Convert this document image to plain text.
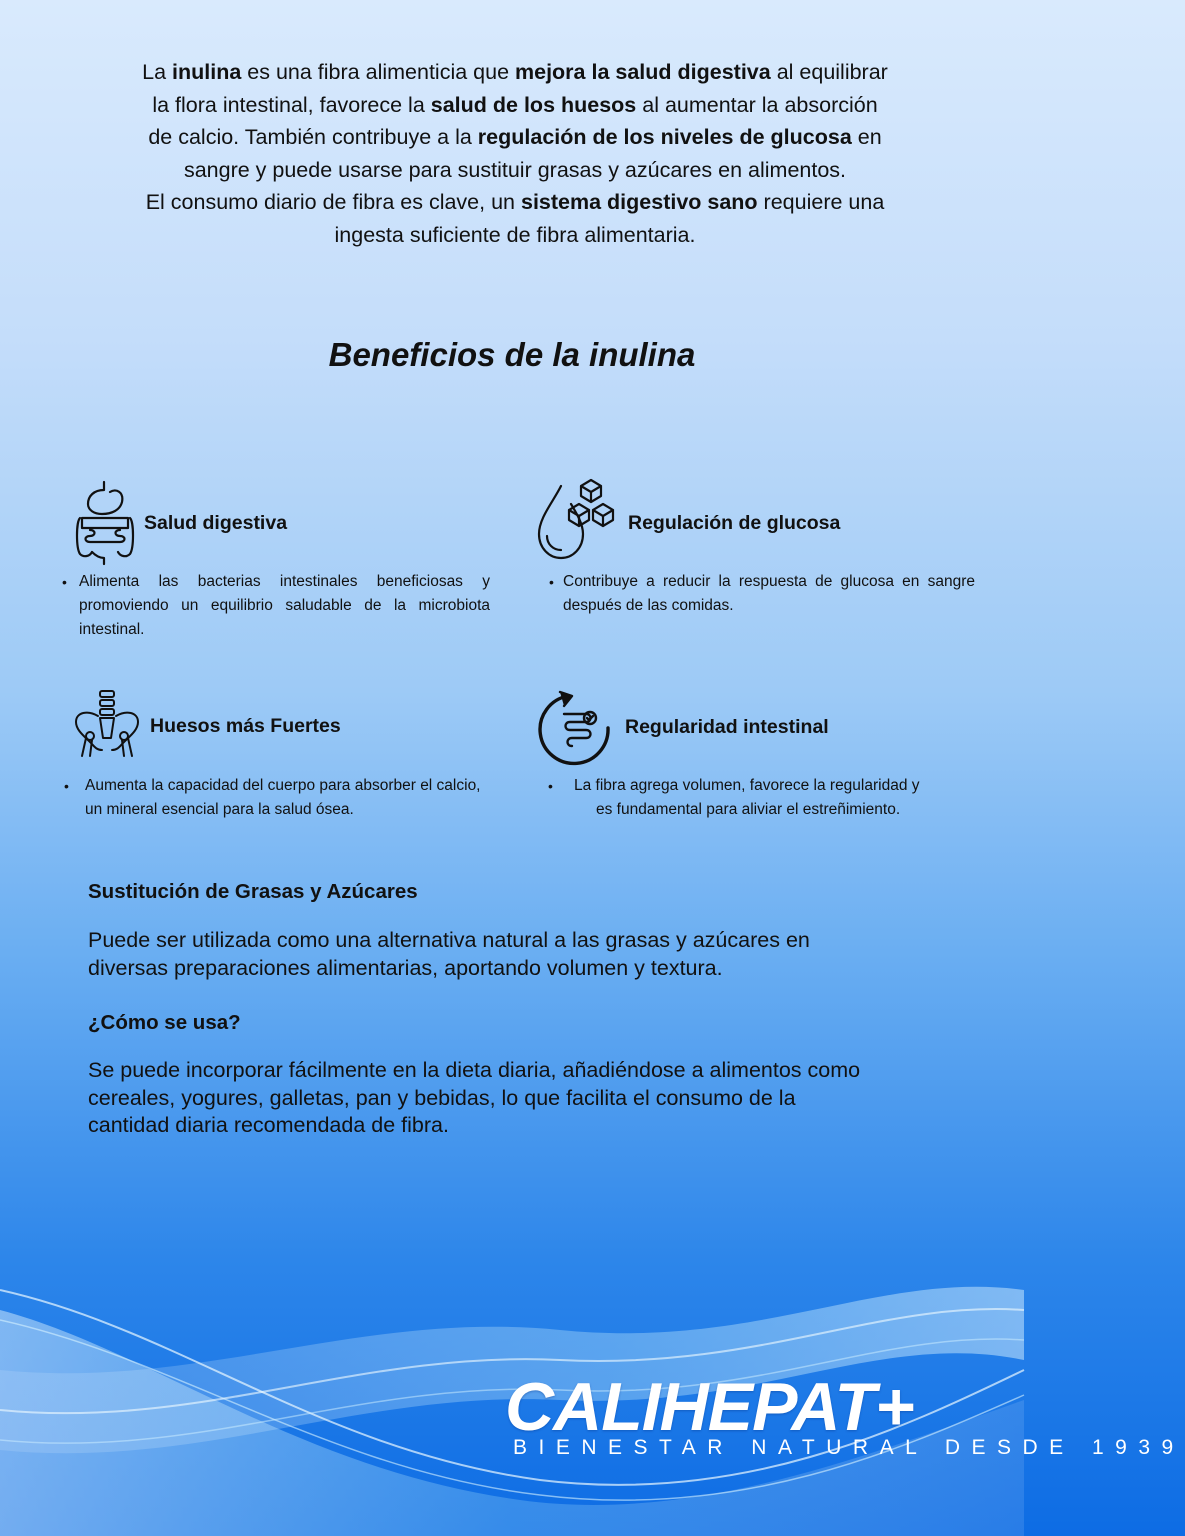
La inulina es una fibra alimenticia que mejora la salud digestiva al equilibrar

la flora intestinal, favorece la salud de los huesos al aumentar la absorción

de calcio. También contribuye a la regulación de los niveles de glucosa en

sangre y puede usarse para sustituir grasas y azúcares en alimentos.

El consumo diario de fibra es clave, un sistema digestivo sano requiere una

ingesta suficiente de fibra alimentaria.

Beneficios de la inulina
Salud digestiva
• Alimenta las bacterias intestinales beneficiosas y promoviendo un equilibrio saludable de la microbiota intestinal.
Regulación de glucosa
• Contribuye a reducir la respuesta de glucosa en sangre después de las comidas.
Huesos más Fuertes
• Aumenta la capacidad del cuerpo para absorber el calcio, un mineral esencial para la salud ósea.
Regularidad intestinal
• La fibra agrega volumen, favorece la regularidad y
es fundamental para aliviar el estreñimiento.
Sustitución de Grasas y Azúcares
Puede ser utilizada como una alternativa natural a las grasas y azúcares en
diversas preparaciones alimentarias, aportando volumen y textura.
¿Cómo se usa?
Se puede incorporar fácilmente en la dieta diaria, añadiéndose a alimentos como
cereales, yogures, galletas, pan y bebidas, lo que facilita el consumo de la
cantidad diaria recomendada de fibra.
CALIHEPAT+
BIENESTAR NATURAL DESDE 1939
